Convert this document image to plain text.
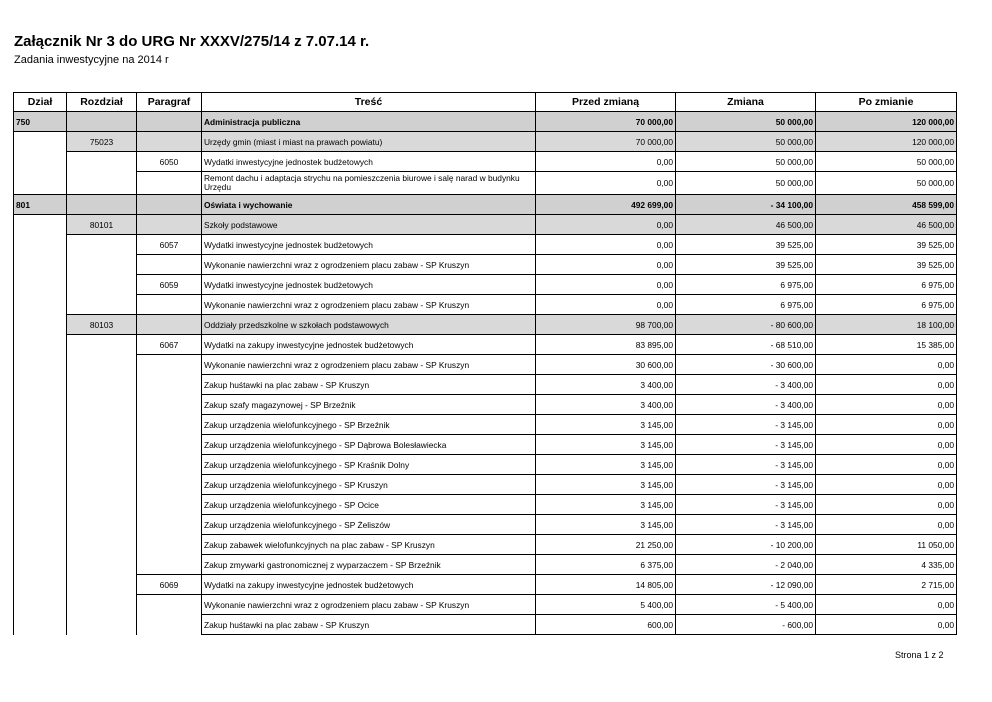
Załącznik Nr 3 do URG Nr XXXV/275/14 z 7.07.14 r.

Zadania inwestycyjne na 2014 r

Dział	Rozdział	Paragraf	Treść	Przed zmianą	Zmiana	Po zmianie
750			Administracja publiczna	70 000,00	50 000,00	120 000,00
	75023		Urzędy gmin (miast i miast na prawach powiatu)	70 000,00	50 000,00	120 000,00
		6050	Wydatki inwestycyjne jednostek budżetowych	0,00	50 000,00	50 000,00
			Remont dachu i adaptacja strychu na pomieszczenia biurowe i salę narad w budynku Urzędu	0,00	50 000,00	50 000,00
801			Oświata i wychowanie	492 699,00	- 34 100,00	458 599,00
	80101		Szkoły podstawowe	0,00	46 500,00	46 500,00
		6057	Wydatki inwestycyjne jednostek budżetowych	0,00	39 525,00	39 525,00
			Wykonanie nawierzchni wraz z ogrodzeniem placu zabaw - SP Kruszyn	0,00	39 525,00	39 525,00
		6059	Wydatki inwestycyjne jednostek budżetowych	0,00	6 975,00	6 975,00
			Wykonanie nawierzchni wraz z ogrodzeniem placu zabaw - SP Kruszyn	0,00	6 975,00	6 975,00
	80103		Oddziały przedszkolne w szkołach podstawowych	98 700,00	- 80 600,00	18 100,00
		6067	Wydatki na zakupy inwestycyjne jednostek budżetowych	83 895,00	- 68 510,00	15 385,00
			Wykonanie nawierzchni wraz z ogrodzeniem placu zabaw - SP Kruszyn	30 600,00	- 30 600,00	0,00
			Zakup huśtawki na plac zabaw - SP Kruszyn	3 400,00	- 3 400,00	0,00
			Zakup szafy magazynowej - SP Brzeźnik	3 400,00	- 3 400,00	0,00
			Zakup urządzenia wielofunkcyjnego - SP Brzeźnik	3 145,00	- 3 145,00	0,00
			Zakup urządzenia wielofunkcyjnego - SP Dąbrowa Bolesławiecka	3 145,00	- 3 145,00	0,00
			Zakup urządzenia wielofunkcyjnego - SP Kraśnik Dolny	3 145,00	- 3 145,00	0,00
			Zakup urządzenia wielofunkcyjnego - SP Kruszyn	3 145,00	- 3 145,00	0,00
			Zakup urządzenia wielofunkcyjnego - SP Ocice	3 145,00	- 3 145,00	0,00
			Zakup urządzenia wielofunkcyjnego - SP Żeliszów	3 145,00	- 3 145,00	0,00
			Zakup zabawek wielofunkcyjnych na plac zabaw - SP Kruszyn	21 250,00	- 10 200,00	11 050,00
			Zakup zmywarki gastronomicznej z wyparzaczem - SP Brzeźnik	6 375,00	- 2 040,00	4 335,00
		6069	Wydatki na zakupy inwestycyjne jednostek budżetowych	14 805,00	- 12 090,00	2 715,00
			Wykonanie nawierzchni wraz z ogrodzeniem placu zabaw - SP Kruszyn	5 400,00	- 5 400,00	0,00
			Zakup huśtawki na plac zabaw - SP Kruszyn	600,00	- 600,00	0,00
Strona 1 z 2
